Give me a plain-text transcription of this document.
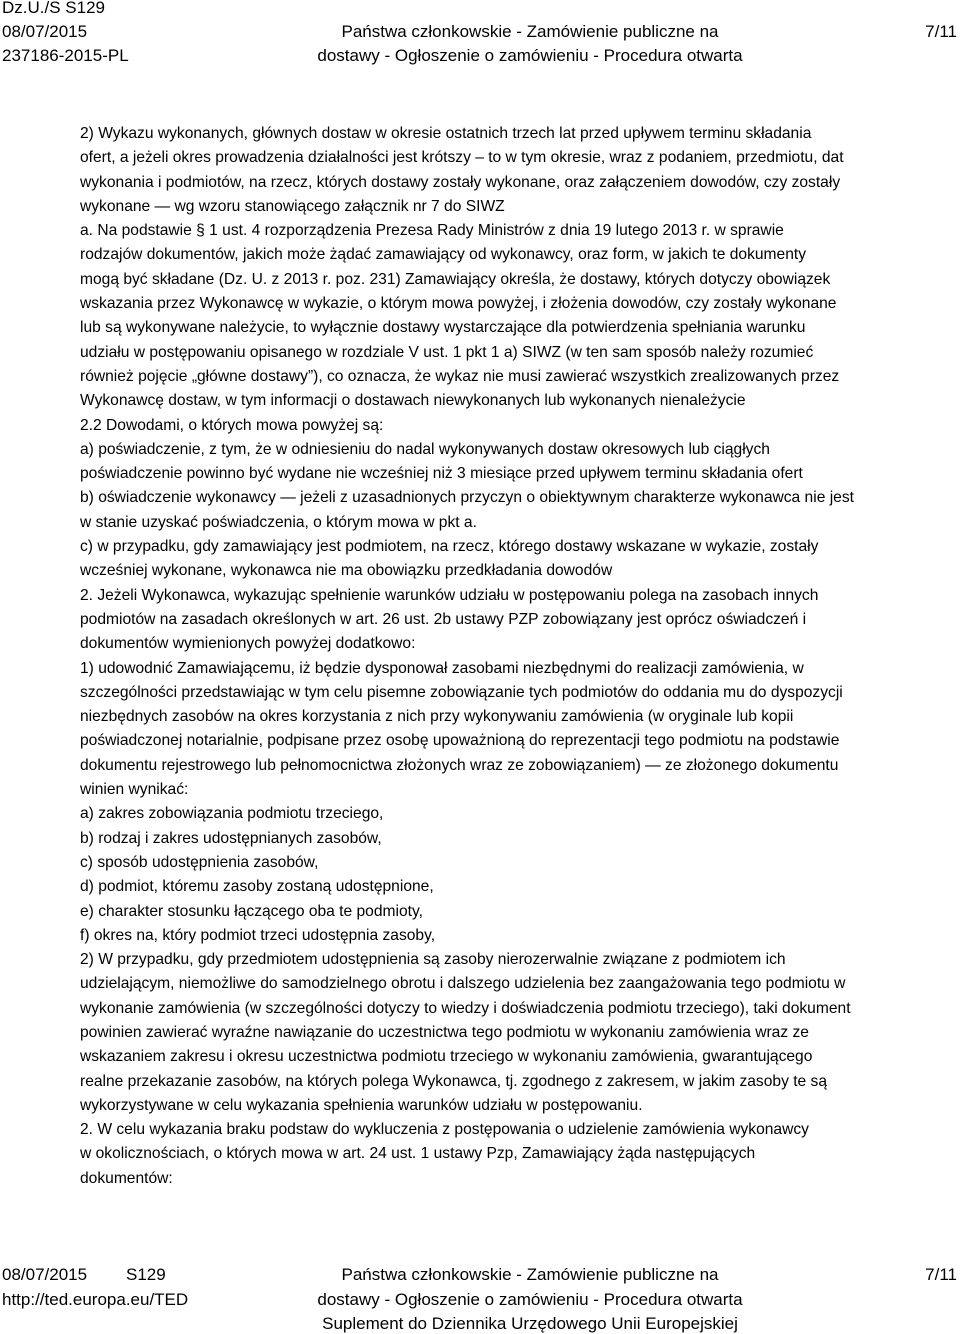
Dz.U./S S129
08/07/2015
237186-2015-PL
Państwa członkowskie - Zamówienie publiczne na
dostawy - Ogłoszenie o zamówieniu - Procedura otwarta
7/11
2) Wykazu wykonanych, głównych dostaw w okresie ostatnich trzech lat przed upływem terminu składania
ofert, a jeżeli okres prowadzenia działalności jest krótszy – to w tym okresie, wraz z podaniem, przedmiotu, dat
wykonania i podmiotów, na rzecz, których dostawy zostały wykonane, oraz załączeniem dowodów, czy zostały
wykonane — wg wzoru stanowiącego załącznik nr 7 do SIWZ
a. Na podstawie § 1 ust. 4 rozporządzenia Prezesa Rady Ministrów z dnia 19 lutego 2013 r. w sprawie
rodzajów dokumentów, jakich może żądać zamawiający od wykonawcy, oraz form, w jakich te dokumenty
mogą być składane (Dz. U. z 2013 r. poz. 231) Zamawiający określa, że dostawy, których dotyczy obowiązek
wskazania przez Wykonawcę w wykazie, o którym mowa powyżej, i złożenia dowodów, czy zostały wykonane
lub są wykonywane należycie, to wyłącznie dostawy wystarczające dla potwierdzenia spełniania warunku
udziału w postępowaniu opisanego w rozdziale V ust. 1 pkt 1 a) SIWZ (w ten sam sposób należy rozumieć
również pojęcie „główne dostawy”), co oznacza, że wykaz nie musi zawierać wszystkich zrealizowanych przez
Wykonawcę dostaw, w tym informacji o dostawach niewykonanych lub wykonanych nienależycie
2.2 Dowodami, o których mowa powyżej są:
a) poświadczenie, z tym, że w odniesieniu do nadal wykonywanych dostaw okresowych lub ciągłych
poświadczenie powinno być wydane nie wcześniej niż 3 miesiące przed upływem terminu składania ofert
b) oświadczenie wykonawcy — jeżeli z uzasadnionych przyczyn o obiektywnym charakterze wykonawca nie jest
w stanie uzyskać poświadczenia, o którym mowa w pkt a.
c) w przypadku, gdy zamawiający jest podmiotem, na rzecz, którego dostawy wskazane w wykazie, zostały
wcześniej wykonane, wykonawca nie ma obowiązku przedkładania dowodów
2. Jeżeli Wykonawca, wykazując spełnienie warunków udziału w postępowaniu polega na zasobach innych
podmiotów na zasadach określonych w art. 26 ust. 2b ustawy PZP zobowiązany jest oprócz oświadczeń i
dokumentów wymienionych powyżej dodatkowo:
1) udowodnić Zamawiającemu, iż będzie dysponował zasobami niezbędnymi do realizacji zamówienia, w
szczególności przedstawiając w tym celu pisemne zobowiązanie tych podmiotów do oddania mu do dyspozycji
niezbędnych zasobów na okres korzystania z nich przy wykonywaniu zamówienia (w oryginale lub kopii
poświadczonej notarialnie, podpisane przez osobę upoważnioną do reprezentacji tego podmiotu na podstawie
dokumentu rejestrowego lub pełnomocnictwa złożonych wraz ze zobowiązaniem) — ze złożonego dokumentu
winien wynikać:
a) zakres zobowiązania podmiotu trzeciego,
b) rodzaj i zakres udostępnianych zasobów,
c) sposób udostępnienia zasobów,
d) podmiot, któremu zasoby zostaną udostępnione,
e) charakter stosunku łączącego oba te podmioty,
f) okres na, który podmiot trzeci udostępnia zasoby,
2) W przypadku, gdy przedmiotem udostępnienia są zasoby nierozerwalnie związane z podmiotem ich
udzielającym, niemożliwe do samodzielnego obrotu i dalszego udzielenia bez zaangażowania tego podmiotu w
wykonanie zamówienia (w szczególności dotyczy to wiedzy i doświadczenia podmiotu trzeciego), taki dokument
powinien zawierać wyraźne nawiązanie do uczestnictwa tego podmiotu w wykonaniu zamówienia wraz ze
wskazaniem zakresu i okresu uczestnictwa podmiotu trzeciego w wykonaniu zamówienia, gwarantującego
realne przekazanie zasobów, na których polega Wykonawca, tj. zgodnego z zakresem, w jakim zasoby te są
wykorzystywane w celu wykazania spełnienia warunków udziału w postępowaniu.
2. W celu wykazania braku podstaw do wykluczenia z postępowania o udzielenie zamówienia wykonawcy
w okolicznościach, o których mowa w art. 24 ust. 1 ustawy Pzp, Zamawiający żąda następujących
dokumentów:
08/07/2015 S129
http://ted.europa.eu/TED
Państwa członkowskie - Zamówienie publiczne na
dostawy - Ogłoszenie o zamówieniu - Procedura otwarta
Suplement do Dziennika Urzędowego Unii Europejskiej
7/11
